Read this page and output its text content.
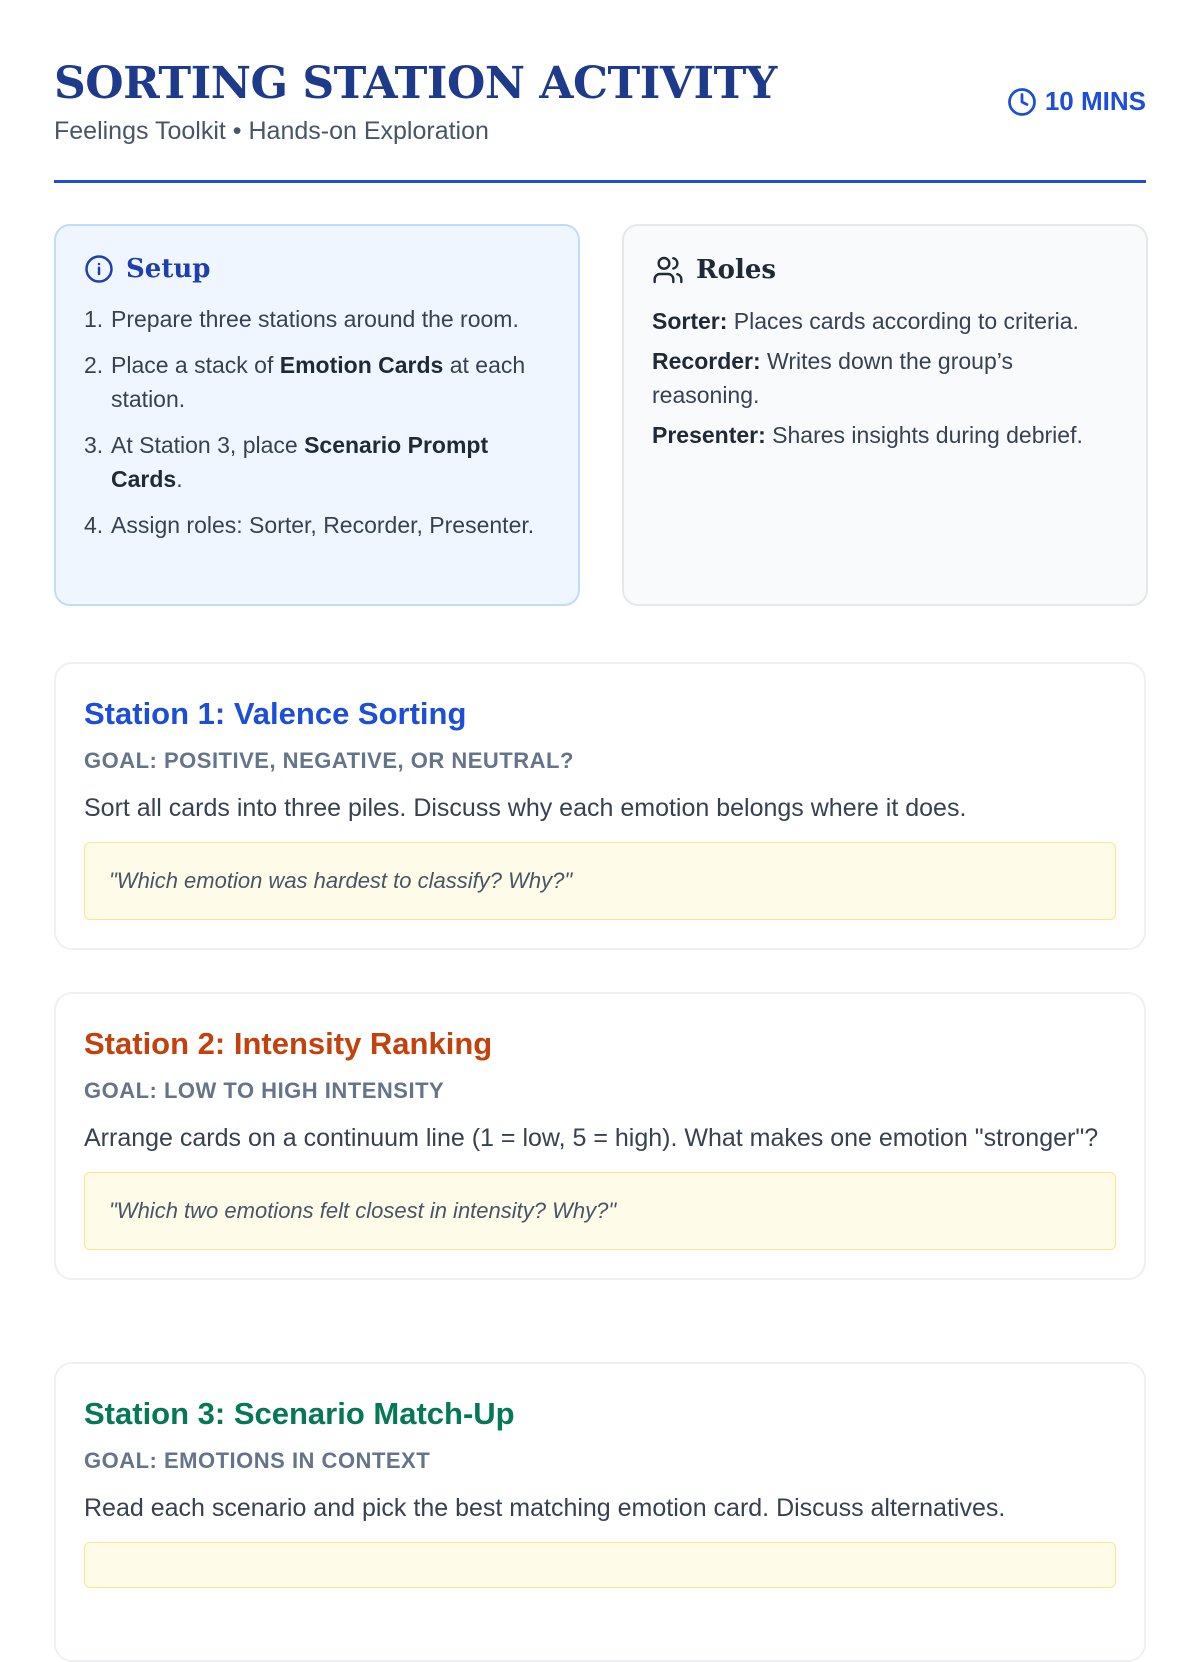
SORTING STATION ACTIVITY
Feelings Toolkit • Hands-on Exploration
10 MINS
Setup
1. Prepare three stations around the room.
2. Place a stack of Emotion Cards at each station.
3. At Station 3, place Scenario Prompt Cards.
4. Assign roles: Sorter, Recorder, Presenter.
Roles

Sorter: Places cards according to criteria.

Recorder: Writes down the group’s reasoning.

Presenter: Shares insights during debrief.

Station 1: Valence Sorting
GOAL: POSITIVE, NEGATIVE, OR NEUTRAL?
Sort all cards into three piles. Discuss why each emotion belongs where it does.
"Which emotion was hardest to classify? Why?"
Station 2: Intensity Ranking
GOAL: LOW TO HIGH INTENSITY
Arrange cards on a continuum line (1 = low, 5 = high). What makes one emotion "stronger"?
"Which two emotions felt closest in intensity? Why?"
Station 3: Scenario Match-Up
GOAL: EMOTIONS IN CONTEXT
Read each scenario and pick the best matching emotion card. Discuss alternatives.
